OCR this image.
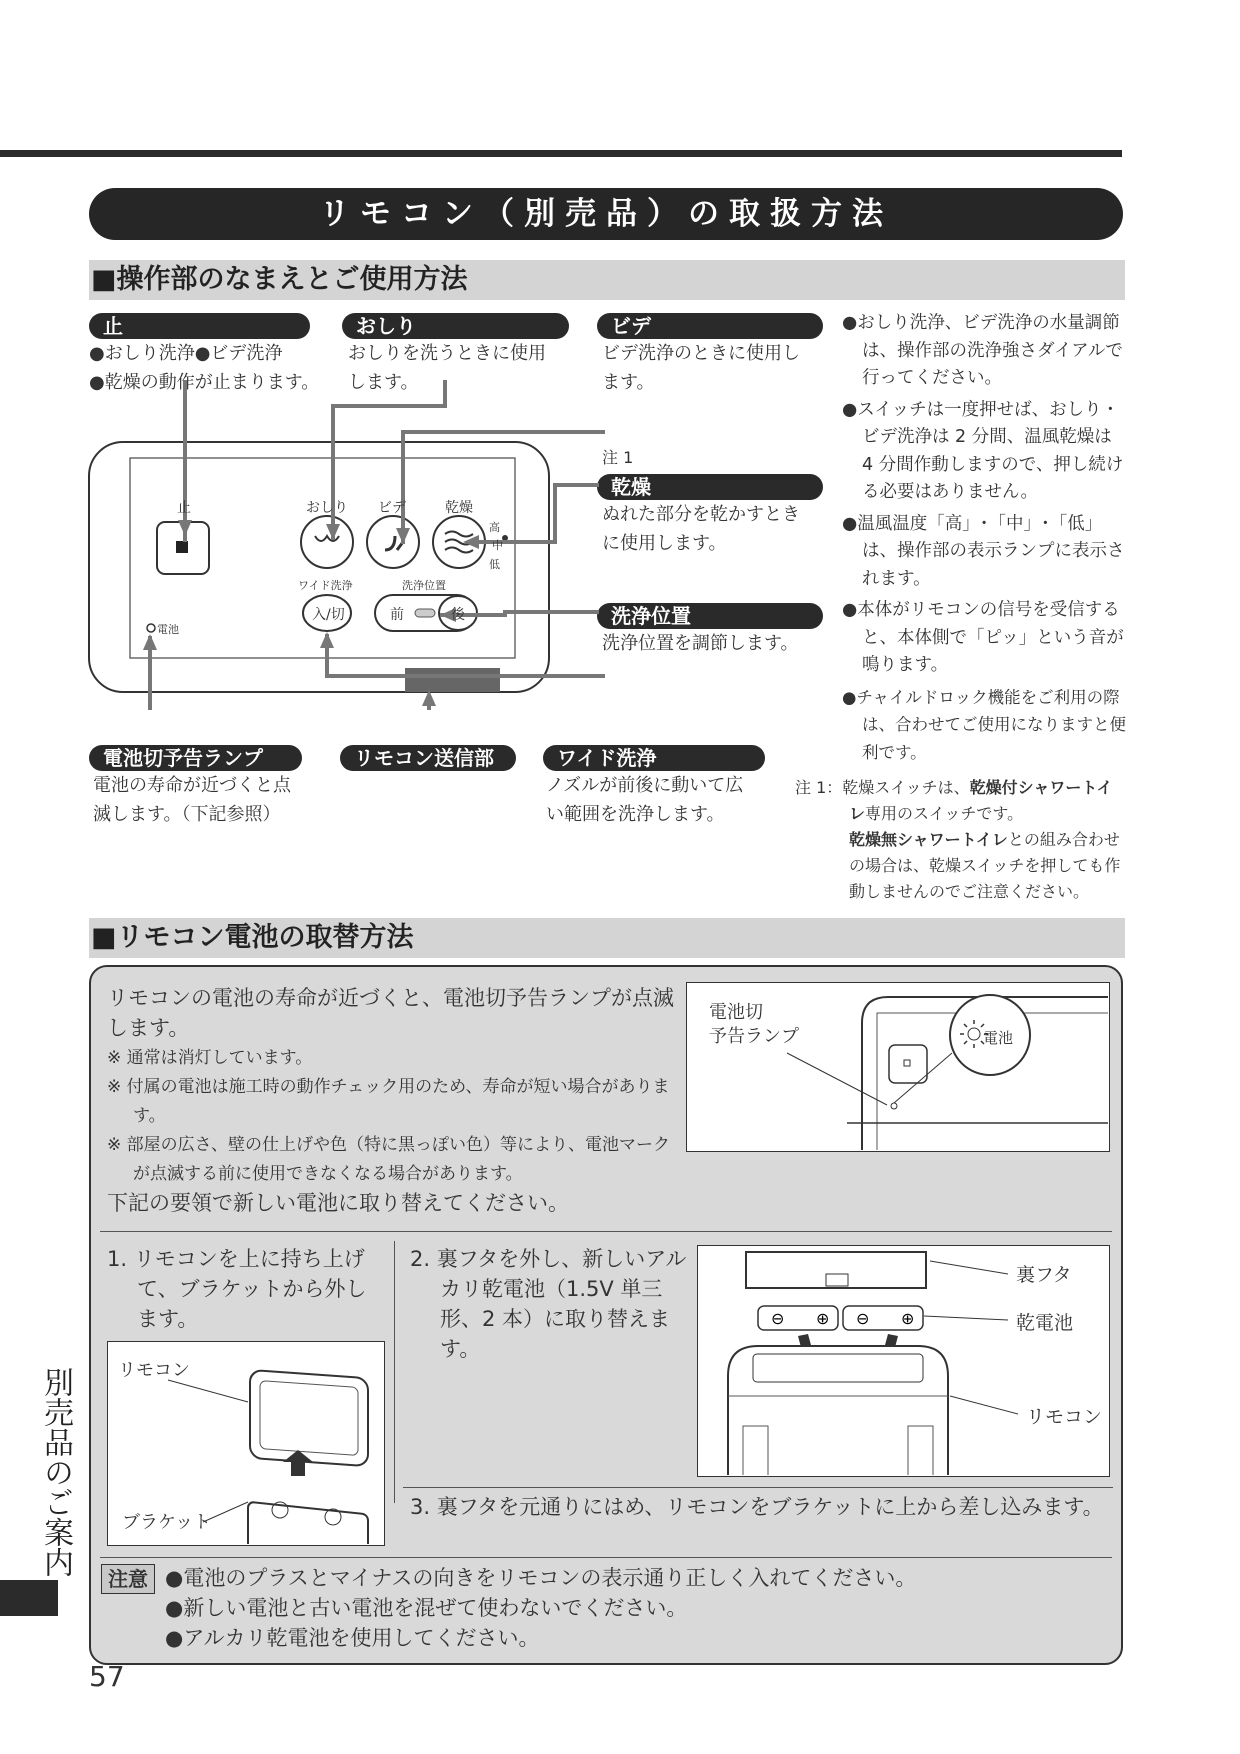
リモコン（別売品）の取扱方法
■操作部のなまえとご使用方法
止
●おしり洗浄●ビデ洗浄
●乾燥の動作が止まります。
おしり
おしりを洗うときに使用
します。
ビデ
ビデ洗浄のときに使用し
ます。
注 1
乾燥
ぬれた部分を乾かすとき
に使用します。
洗浄位置
洗浄位置を調節します。
止	おしり ビデ	乾燥
高
中
低
ワイド洗浄
入/切
洗浄位置
前	後
電池
電池切予告ランプ
電池の寿命が近づくと点
滅します。（下記参照）
リモコン送信部	ワイド洗浄
ノズルが前後に動いて広
い範囲を洗浄します。

●おしり洗浄、ビデ洗浄の水量調節は、操作部の洗浄強さダイアルで行ってください。

●スイッチは一度押せば、おしり・ビデ洗浄は 2 分間、温風乾燥は 4 分間作動しますので、押し続ける必要はありません。

●温風温度「高」･「中」･「低」は、操作部の表示ランプに表示されます。

●本体がリモコンの信号を受信すると、本体側で「ピッ」という音が鳴ります。

●チャイルドロック機能をご利用の際は、合わせてご使用になりますと便利です。

注 1：乾燥スイッチは、乾燥付シャワートイレ専用のスイッチです。
乾燥無シャワートイレとの組み合わせの場合は、乾燥スイッチを押しても作動しませんのでご注意ください。
■リモコン電池の取替方法
リモコンの電池の寿命が近づくと、電池切予告ランプが点滅します。
※ 通常は消灯しています。
※ 付属の電池は施工時の動作チェック用のため、寿命が短い場合があります。
※ 部屋の広さ、壁の仕上げや色（特に黒っぽい色）等により、電池マークが点滅する前に使用できなくなる場合があります。
下記の要領で新しい電池に取り替えてください。
電池切
予告ランプ	電池
1. リモコンを上に持ち上げて、ブラケットから外します。
リモコン
ブラケット
2. 裏フタを外し、新しいアルカリ乾電池（1.5V 単三形、2 本）に取り替えます。
⊖ ⊕ ⊖ ⊕
裏フタ
乾電池
リモコン
3. 裏フタを元通りにはめ、リモコンをブラケットに上から差し込みます。
注意 ●電池のプラスとマイナスの向きをリモコンの表示通り正しく入れてください。
●新しい電池と古い電池を混ぜて使わないでください。
●アルカリ乾電池を使用してください。
別売品のご案内
57
